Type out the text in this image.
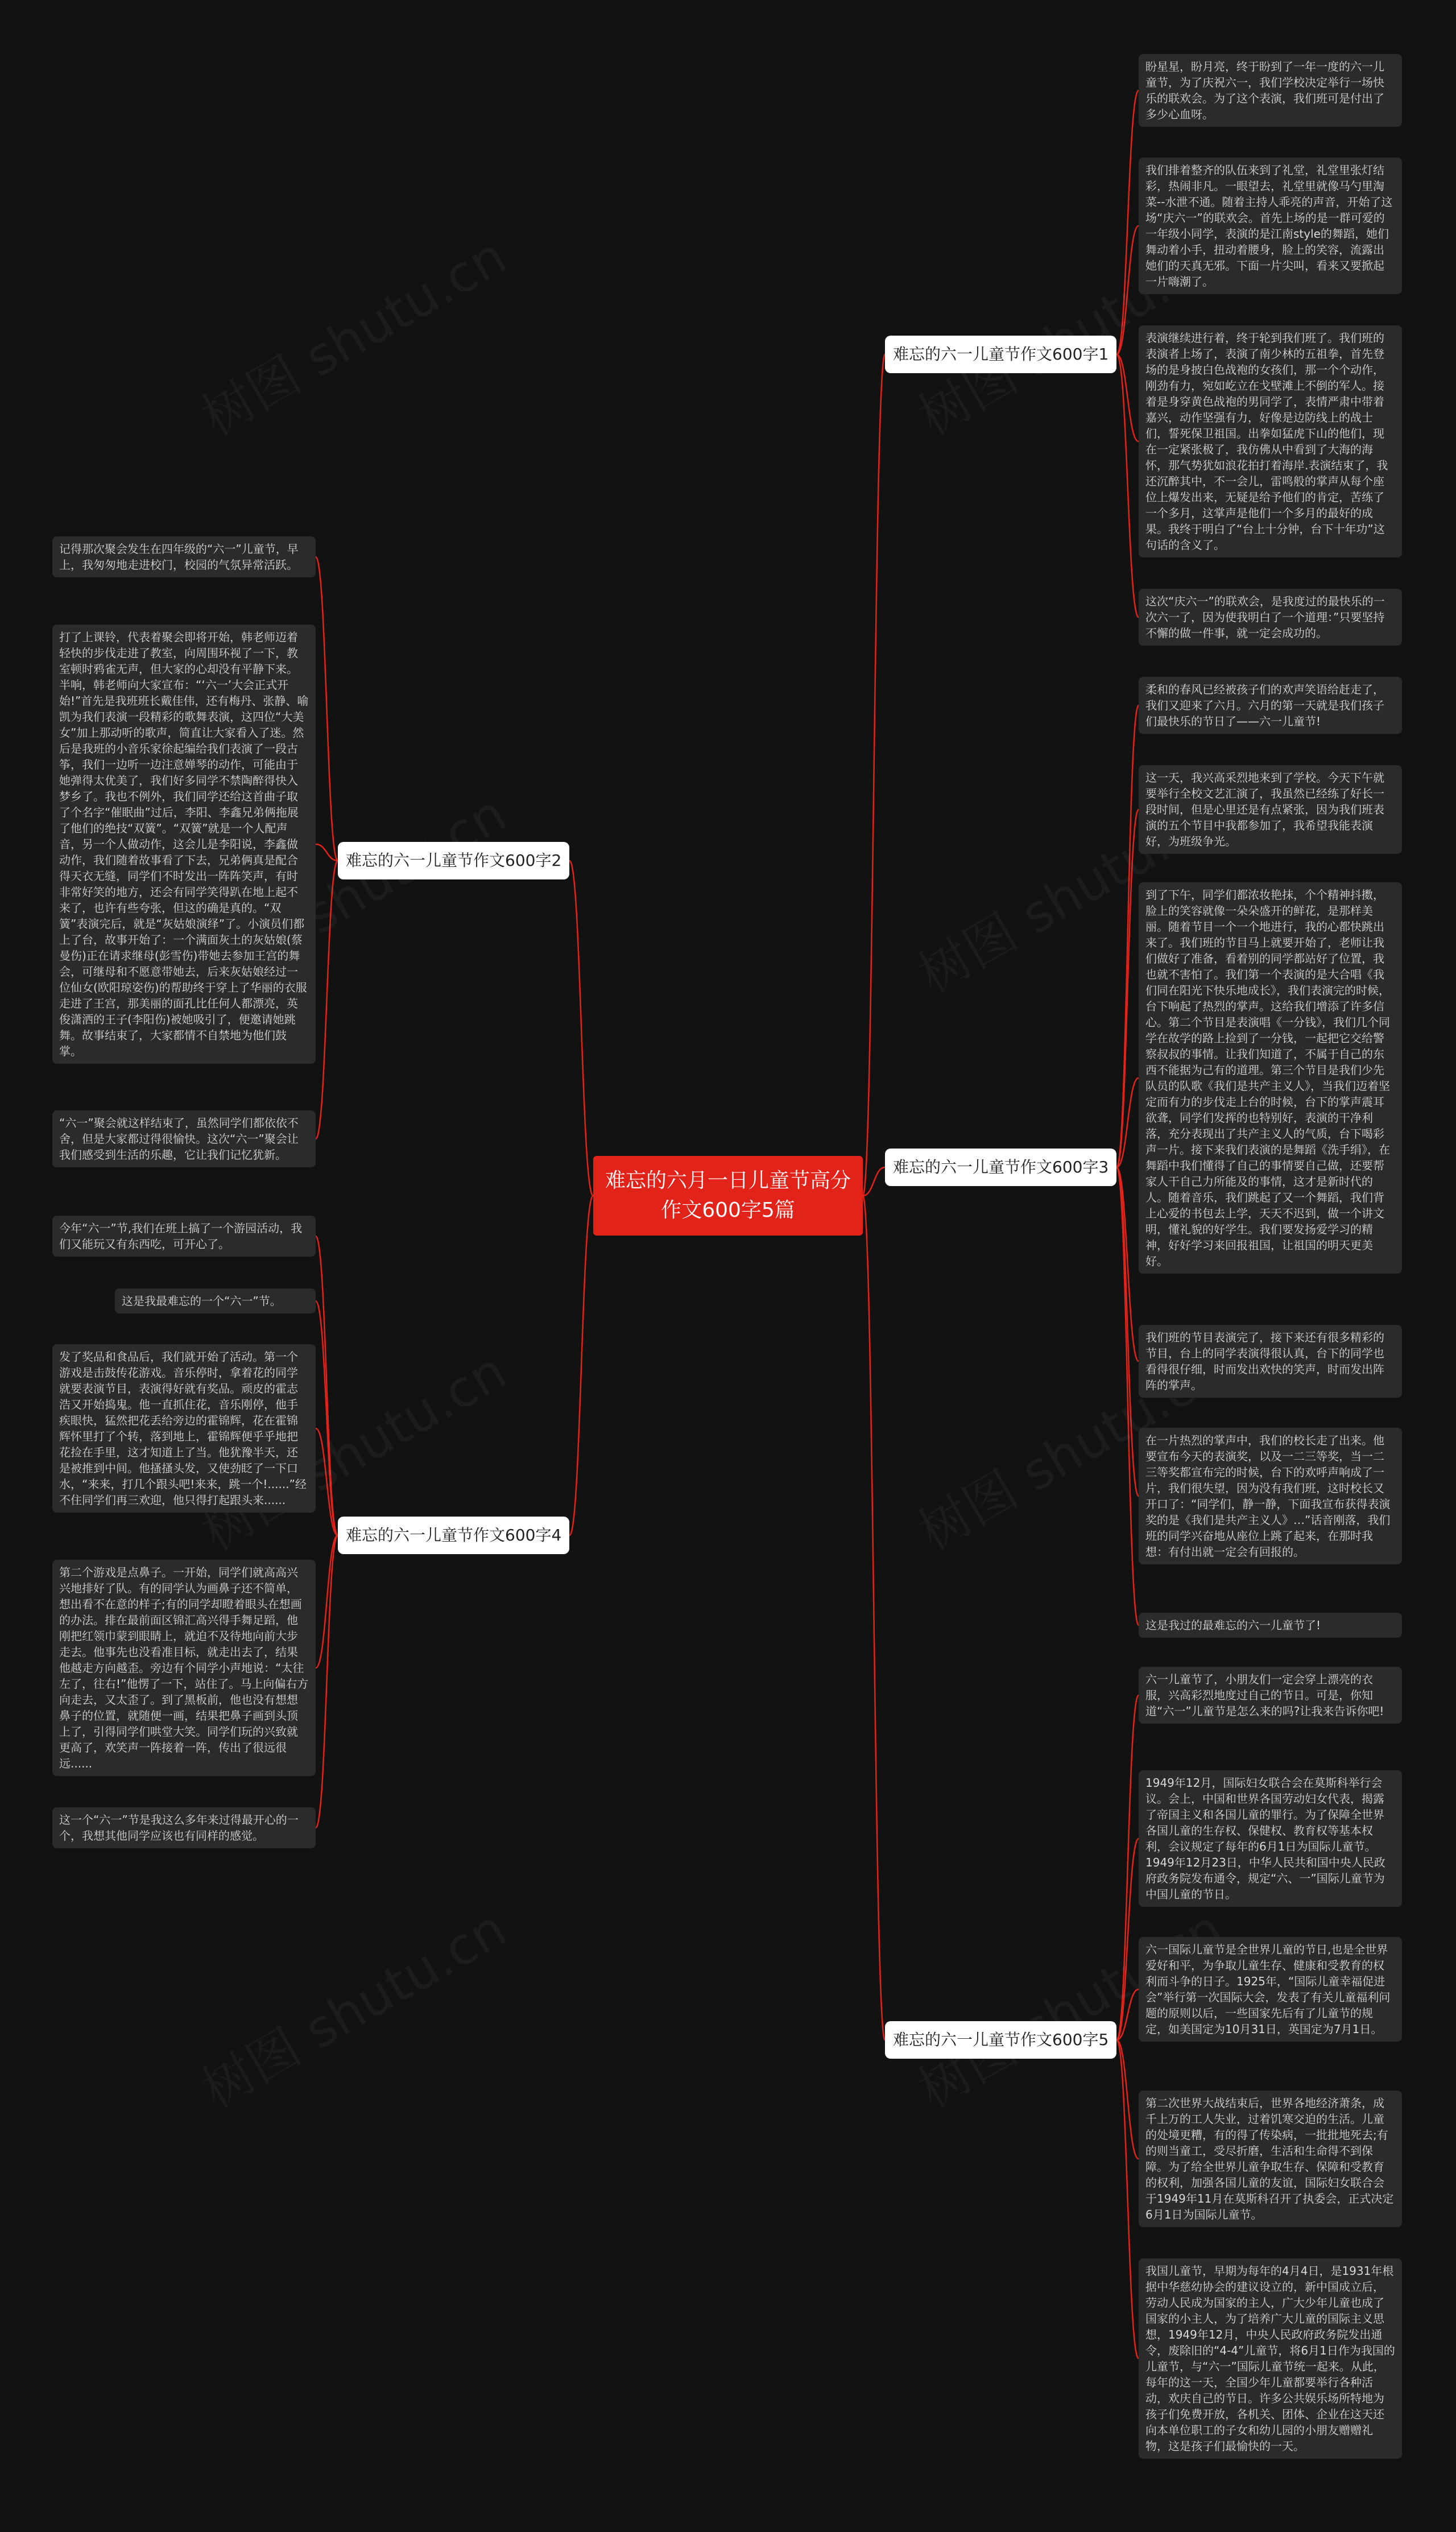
难忘的六月一日儿童节高分作文600字5篇
难忘的六一儿童节作文600字1
盼星星，盼月亮，终于盼到了一年一度的六一儿童节，为了庆祝六一，我们学校决定举行一场快乐的联欢会。为了这个表演，我们班可是付出了多少心血呀。
我们排着整齐的队伍来到了礼堂，礼堂里张灯结彩，热闹非凡。一眼望去，礼堂里就像马勺里淘菜--水泄不通。随着主持人乖亮的声音，开始了这场“庆六一”的联欢会。首先上场的是一群可爱的一年级小同学，表演的是江南style的舞蹈，她们舞动着小手，扭动着腰身，脸上的笑容，流露出她们的天真无邪。下面一片尖叫，看来又要掀起一片嗨潮了。
表演继续进行着，终于轮到我们班了。我们班的表演者上场了，表演了南少林的五祖拳，首先登场的是身披白色战袍的女孩们，那一个个动作，刚劲有力，宛如屹立在戈壁滩上不倒的军人。接着是身穿黄色战袍的男同学了，表情严肃中带着嘉兴，动作坚强有力，好像是边防线上的战士们，誓死保卫祖国。出拳如猛虎下山的他们，现在一定紧张极了，我仿佛从中看到了大海的海怀，那气势犹如浪花拍打着海岸.表演结束了，我还沉醉其中，不一会儿，雷鸣般的掌声从每个座位上爆发出来，无疑是给予他们的肯定，苦练了一个多月，这掌声是他们一个多月的最好的成果。我终于明白了“台上十分钟，台下十年功”这句话的含义了。
这次“庆六一”的联欢会，是我度过的最快乐的一次六一了，因为使我明白了一个道理：”只要坚持不懈的做一件事，就一定会成功的。
难忘的六一儿童节作文600字2
记得那次聚会发生在四年级的“六一”儿童节，早上，我匆匆地走进校门，校园的气氛异常活跃。
打了上课铃，代表着聚会即将开始，韩老师迈着轻快的步伐走进了教室，向周围环视了一下，教室顿时鸦雀无声，但大家的心却没有平静下来。半响，韩老师向大家宣布：“‘六一’大会正式开始!”首先是我班班长戴佳伟，还有梅丹、张静、喻凯为我们表演一段精彩的歌舞表演，这四位“大美女”加上那动听的歌声，简直让大家看入了迷。然后是我班的小音乐家徐起编给我们表演了一段古筝，我们一边听一边注意婵琴的动作，可能由于她弹得太优美了，我们好多同学不禁陶醉得快入梦乡了。我也不例外，我们同学还给这首曲子取了个名字“催眠曲”过后，李阳、李鑫兄弟俩拖展了他们的绝技“双簧”。“双簧”就是一个人配声音，另一个人做动作，这会儿是李阳说，李鑫做动作，我们随着故事看了下去，兄弟俩真是配合得天衣无缝，同学们不时发出一阵阵笑声，有时非常好笑的地方，还会有同学笑得趴在地上起不来了，也许有些夸张，但这的确是真的。“双簧”表演完后，就是“灰姑娘演绎”了。小演员们都上了台，故事开始了：一个满面灰土的灰姑娘(蔡曼伤)正在请求继母(彭雪伤)带她去参加王宫的舞会，可继母和不愿意带她去，后来灰姑娘经过一位仙女(欧阳琼姿伤)的帮助终于穿上了华丽的衣服走进了王宫，那美丽的面孔比任何人都漂亮，英俊潇洒的王子(李阳伤)被她吸引了，便邀请她跳舞。故事结束了，大家都情不自禁地为他们鼓掌。
“六一”聚会就这样结束了，虽然同学们都依依不舍，但是大家都过得很愉快。这次“六一”聚会让我们感受到生活的乐趣，它让我们记忆犹新。
难忘的六一儿童节作文600字3
柔和的春风已经被孩子们的欢声笑语给赶走了，我们又迎来了六月。六月的第一天就是我们孩子们最快乐的节日了——六一儿童节!
这一天，我兴高采烈地来到了学校。今天下午就要举行全校文艺汇演了，我虽然已经练了好长一段时间，但是心里还是有点紧张，因为我们班表演的五个节目中我都参加了，我希望我能表演好，为班级争光。
到了下午，同学们都浓妆艳抹，个个精神抖擞，脸上的笑容就像一朵朵盛开的鲜花，是那样美丽。随着节目一个一个地进行，我的心都快跳出来了。我们班的节目马上就要开始了，老师让我们做好了准备，看着别的同学都站好了位置，我也就不害怕了。我们第一个表演的是大合唱《我们同在阳光下快乐地成长》，我们表演完的时候，台下响起了热烈的掌声。这给我们增添了许多信心。第二个节目是表演唱《一分钱》，我们几个同学在故学的路上捡到了一分钱，一起把它交给警察叔叔的事情。让我们知道了，不属于自己的东西不能据为己有的道理。第三个节目是我们少先队员的队歌《我们是共产主义人》，当我们迈着坚定而有力的步伐走上台的时候，台下的掌声震耳欲聋，同学们发挥的也特别好，表演的干净利落，充分表现出了共产主义人的气质，台下喝彩声一片。接下来我们表演的是舞蹈《洗手绢》，在舞蹈中我们懂得了自己的事情要自己做，还要帮家人干自己力所能及的事情，这才是新时代的人。随着音乐，我们跳起了又一个舞蹈，我们背上心爱的书包去上学，天天不迟到，做一个讲文明，懂礼貌的好学生。我们要发扬爱学习的精神，好好学习来回报祖国，让祖国的明天更美好。
我们班的节目表演完了，接下来还有很多精彩的节目，台上的同学表演得很认真，台下的同学也看得很仔细，时而发出欢快的笑声，时而发出阵阵的掌声。
在一片热烈的掌声中，我们的校长走了出来。他要宣布今天的表演奖，以及一二三等奖，当一二三等奖都宣布完的时候，台下的欢呼声响成了一片，我们很失望，因为没有我们班，这时校长又开口了：“同学们，静一静，下面我宣布获得表演奖的是《我们是共产主义人》…”话音刚落，我们班的同学兴奋地从座位上跳了起来，在那时我想：有付出就一定会有回报的。
这是我过的最难忘的六一儿童节了!
难忘的六一儿童节作文600字4
今年“六一”节,我们在班上搞了一个游园活动，我们又能玩又有东西吃，可开心了。
这是我最难忘的一个“六一”节。
发了奖品和食品后，我们就开始了活动。第一个游戏是击鼓传花游戏。音乐停时，拿着花的同学就要表演节目，表演得好就有奖品。顽皮的霍志浩又开始捣鬼。他一直抓住花，音乐刚停，他手疾眼快，猛然把花丢给旁边的霍锦辉，花在霍锦辉怀里打了个转，落到地上，霍锦辉便乎乎地把花捡在手里，这才知道上了当。他犹豫半天，还是被推到中间。他搔搔头发，又使劲眨了一下口水，“来来，打几个跟头吧!来来，跳一个!......”经不住同学们再三欢迎，他只得打起跟头来......
第二个游戏是点鼻子。一开始，同学们就高高兴兴地排好了队。有的同学认为画鼻子还不简单，想出看不在意的样子;有的同学却瞪着眼头在想画的办法。排在最前面区锦汇高兴得手舞足蹈，他刚把红领巾蒙到眼睛上，就迫不及待地向前大步走去。他事先也没看准目标，就走出去了，结果他越走方向越歪。旁边有个同学小声地说：“太往左了，往右!”他愣了一下，站住了。马上向偏右方向走去，又太歪了。到了黑板前，他也没有想想鼻子的位置，就随便一画，结果把鼻子画到头顶上了，引得同学们哄堂大笑。同学们玩的兴致就更高了，欢笑声一阵接着一阵，传出了很远很远......
这一个“六一”节是我这么多年来过得最开心的一个，我想其他同学应该也有同样的感觉。
难忘的六一儿童节作文600字5
六一儿童节了，小朋友们一定会穿上漂亮的衣服，兴高彩烈地度过自己的节日。可是，你知道“六一”儿童节是怎么来的吗?让我来告诉你吧!
1949年12月，国际妇女联合会在莫斯科举行会议。会上，中国和世界各国劳动妇女代表，揭露了帝国主义和各国儿童的罪行。为了保障全世界各国儿童的生存权、保健权、教育权等基本权利，会议规定了每年的6月1日为国际儿童节。1949年12月23日，中华人民共和国中央人民政府政务院发布通令，规定“六、一”国际儿童节为中国儿童的节日。
六一国际儿童节是全世界儿童的节日,也是全世界爱好和平，为争取儿童生存、健康和受教育的权利而斗争的日子。1925年，“国际儿童幸福促进会”举行第一次国际大会，发表了有关儿童福利问题的原则以后，一些国家先后有了儿童节的规定，如美国定为10月31日，英国定为7月1日。
第二次世界大战结束后，世界各地经济萧条，成千上万的工人失业，过着饥寒交迫的生活。儿童的处境更糟，有的得了传染病，一批批地死去;有的则当童工，受尽折磨，生活和生命得不到保障。为了给全世界儿童争取生存、保障和受教育的权利，加强各国儿童的友谊，国际妇女联合会于1949年11月在莫斯科召开了执委会，正式决定6月1日为国际儿童节。
我国儿童节，早期为每年的4月4日，是1931年根据中华慈幼协会的建议设立的，新中国成立后，劳动人民成为国家的主人，广大少年儿童也成了国家的小主人，为了培养广大儿童的国际主义思想，1949年12月，中央人民政府政务院发出通令，废除旧的“4-4”儿童节，将6月1日作为我国的儿童节，与“六一”国际儿童节统一起来。从此，每年的这一天，全国少年儿童都要举行各种活动，欢庆自己的节日。许多公共娱乐场所特地为孩子们免费开放，各机关、团体、企业在这天还向本单位职工的子女和幼儿园的小朋友赠赠礼物，这是孩子们最愉快的一天。
